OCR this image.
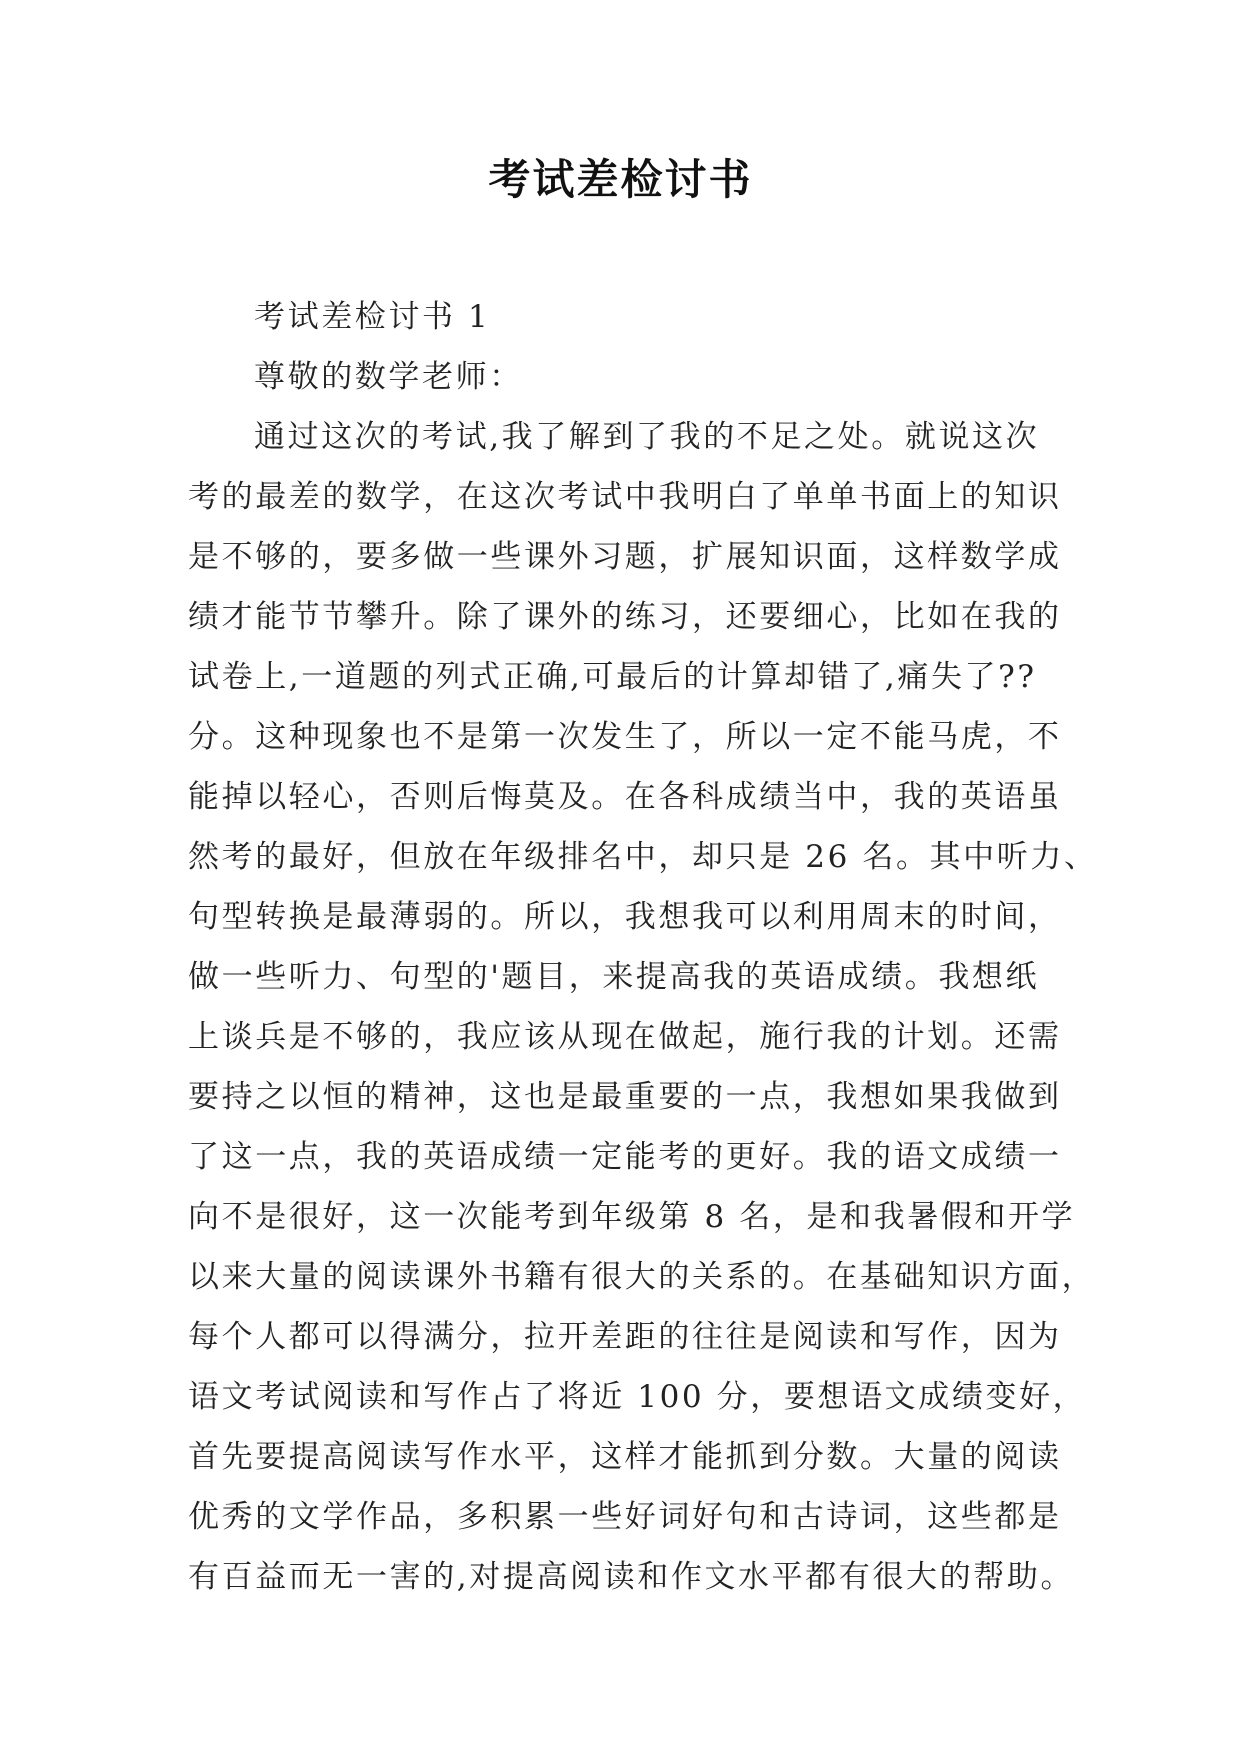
考试差检讨书
考试差检讨书 1
尊敬的数学老师：
通过这次的考试,我了解到了我的不足之处。就说这次
考的最差的数学，在这次考试中我明白了单单书面上的知识
是不够的，要多做一些课外习题，扩展知识面，这样数学成
绩才能节节攀升。除了课外的练习，还要细心，比如在我的
试卷上,一道题的列式正确,可最后的计算却错了,痛失了??
分。这种现象也不是第一次发生了，所以一定不能马虎，不
能掉以轻心，否则后悔莫及。在各科成绩当中，我的英语虽
然考的最好，但放在年级排名中，却只是 26 名。其中听力、
句型转换是最薄弱的。所以，我想我可以利用周末的时间，
做一些听力、句型的'题目，来提高我的英语成绩。我想纸
上谈兵是不够的，我应该从现在做起，施行我的计划。还需
要持之以恒的精神，这也是最重要的一点，我想如果我做到
了这一点，我的英语成绩一定能考的更好。我的语文成绩一
向不是很好，这一次能考到年级第 8 名，是和我暑假和开学
以来大量的阅读课外书籍有很大的关系的。在基础知识方面，
每个人都可以得满分，拉开差距的往往是阅读和写作，因为
语文考试阅读和写作占了将近 100 分，要想语文成绩变好，
首先要提高阅读写作水平，这样才能抓到分数。大量的阅读
优秀的文学作品，多积累一些好词好句和古诗词，这些都是
有百益而无一害的,对提高阅读和作文水平都有很大的帮助。
